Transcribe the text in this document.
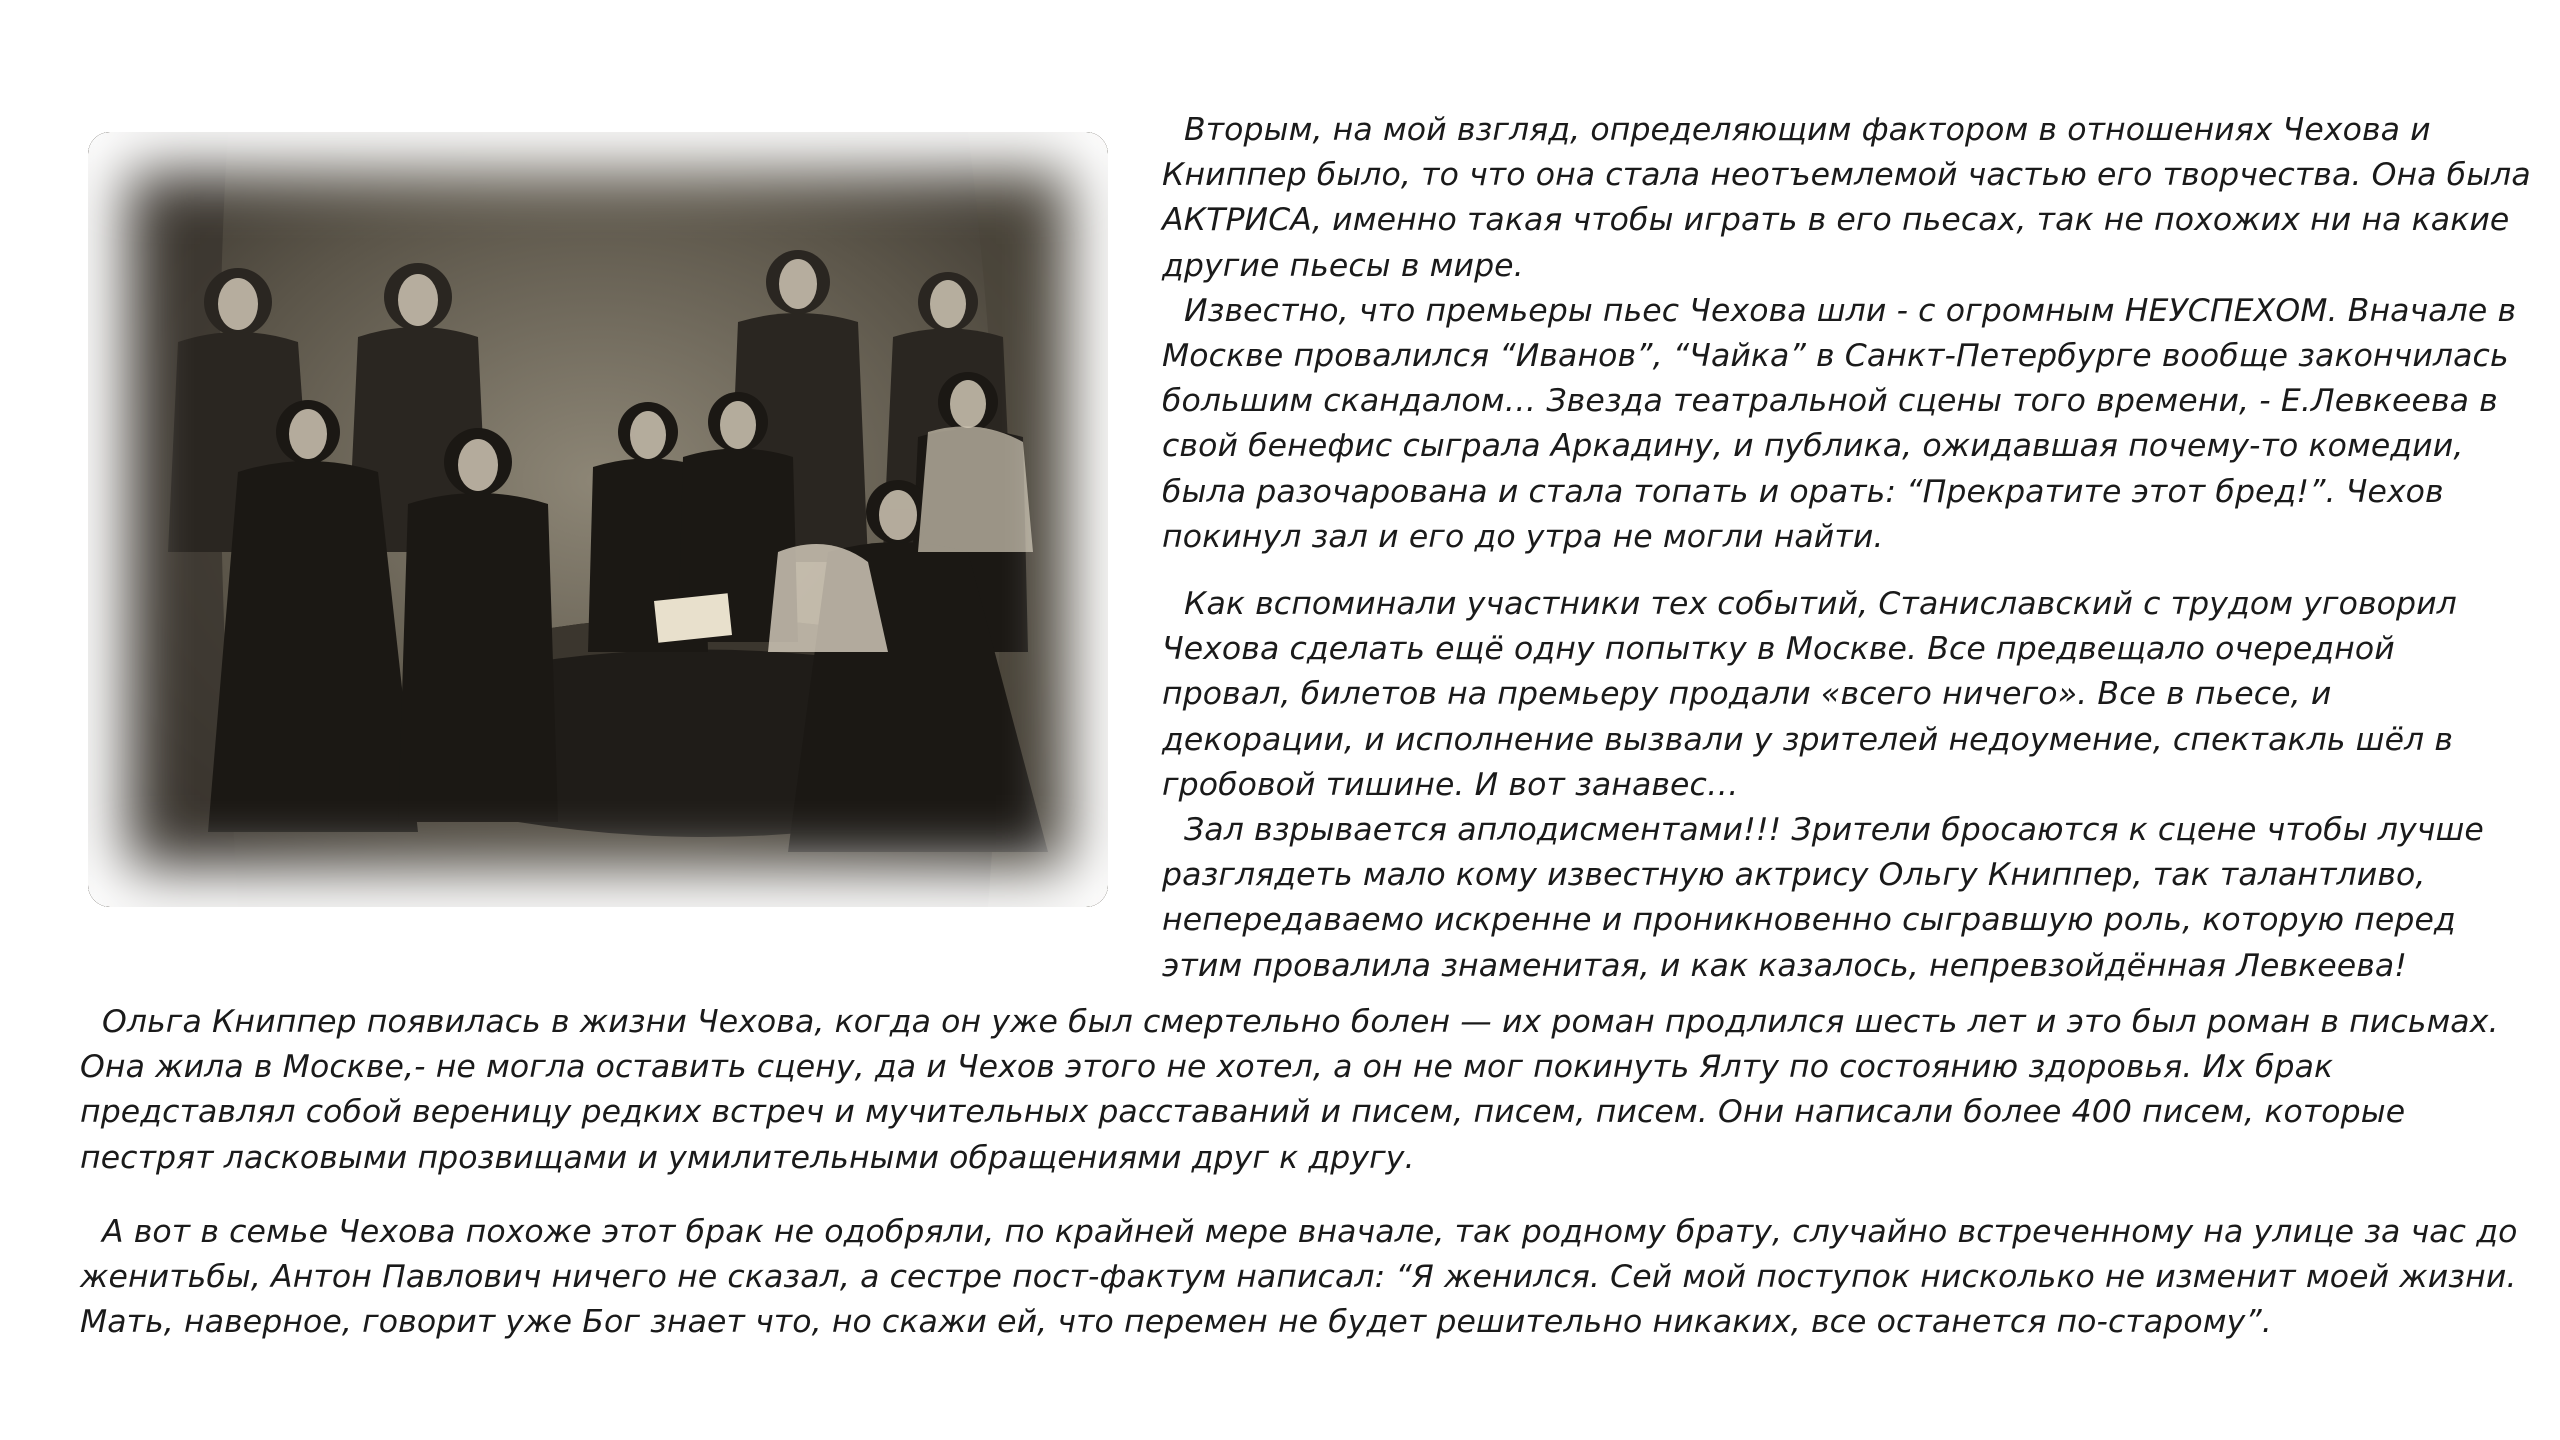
Вторым, на мой взгляд, определяющим фактором в отношениях Чехова и Книппер было, то что она стала неотъемлемой частью его творчества. Она была АКТРИСА, именно такая чтобы играть в его пьесах, так не похожих ни на какие другие пьесы в мире.

Известно, что премьеры пьес Чехова шли - с огромным НЕУСПЕХОМ. Вначале в Москве провалился “Иванов”, “Чайка” в Санкт-Петербурге вообще закончилась большим скандалом… Звезда театральной сцены того времени, - Е.Левкеева в свой бенефис сыграла Аркадину, и публика, ожидавшая почему-то комедии, была разочарована и стала топать и орать: “Прекратите этот бред!”. Чехов покинул зал и его до утра не могли найти.

Как вспоминали участники тех событий, Станиславский с трудом уговорил Чехова сделать ещё одну попытку в Москве. Все предвещало очередной провал, билетов на премьеру продали «всего ничего». Все в пьесе, и декорации, и исполнение вызвали у зрителей недоумение, спектакль шёл в гробовой тишине. И вот занавес…

Зал взрывается аплодисментами!!! Зрители бросаются к сцене чтобы лучше разглядеть мало кому известную актрису Ольгу Книппер, так талантливо, непередаваемо искренне и проникновенно сыгравшую роль, которую перед этим провалила знаменитая, и как казалось, непревзойдённая Левкеева!

Ольга Книппер появилась в жизни Чехова, когда он уже был смертельно болен — их роман продлился шесть лет и это был роман в письмах. Она жила в Москве,- не могла оставить сцену, да и Чехов этого не хотел, а он не мог покинуть Ялту по состоянию здоровья. Их брак представлял собой вереницу редких встреч и мучительных расставаний и писем, писем, писем. Они написали более 400 писем, которые пестрят ласковыми прозвищами и умилительными обращениями друг к другу.

А вот в семье Чехова похоже этот брак не одобряли, по крайней мере вначале, так родному брату, случайно встреченному на улице за час до женитьбы, Антон Павлович ничего не сказал, а сестре пост-фактум написал: “Я женился. Сей мой поступок нисколько не изменит моей жизни. Мать, наверное, говорит уже Бог знает что, но скажи ей, что перемен не будет решительно никаких, все останется по-старому”.
